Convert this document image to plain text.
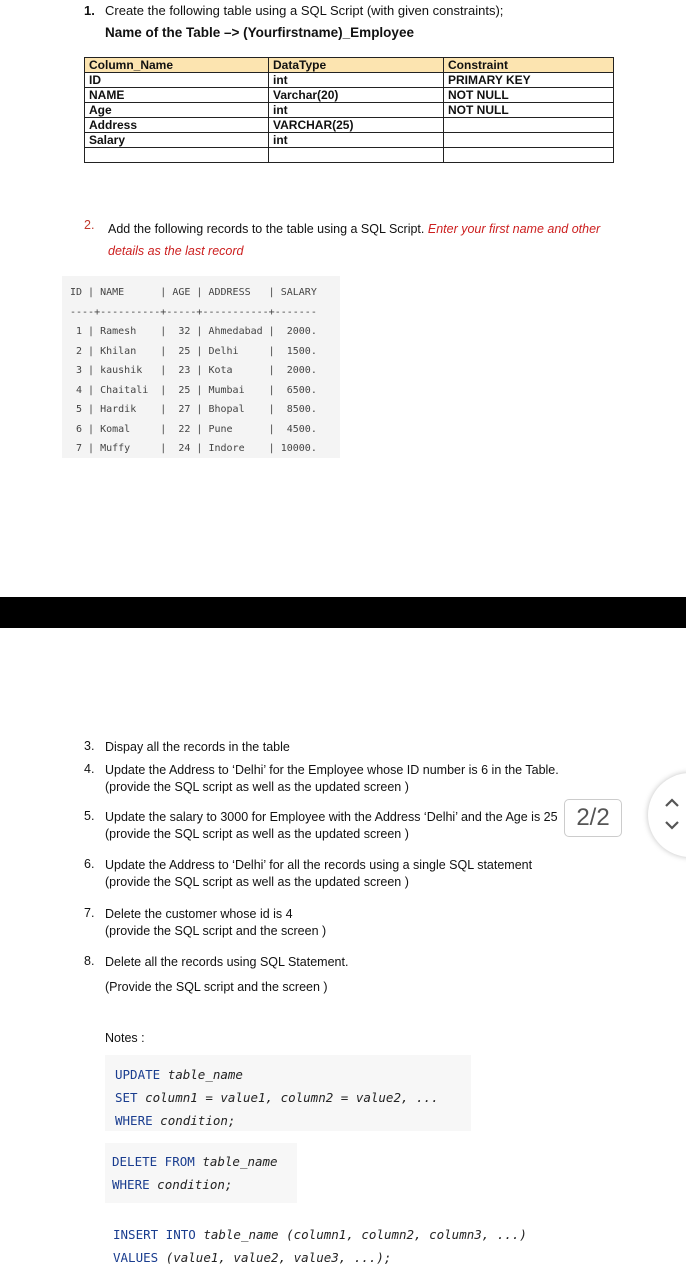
1. Create the following table using a SQL Script (with given constraints);
Name of the Table –> (Yourfirstname)_Employee
Column_Name	DataType	Constraint
ID	int	PRIMARY KEY
NAME	Varchar(20)	NOT NULL
Age	int	NOT NULL
Address	VARCHAR(25)	
Salary	int	

2. Add the following records to the table using a SQL Script. Enter your first name and other details as the last record
ID | NAME      | AGE | ADDRESS   | SALARY
----+----------+-----+-----------+-------
1 | Ramesh    |  32 | Ahmedabad |  2000.
2 | Khilan    |  25 | Delhi     |  1500.
3 | kaushik   |  23 | Kota      |  2000.
4 | Chaitali  |  25 | Mumbai    |  6500.
5 | Hardik    |  27 | Bhopal    |  8500.
6 | Komal     |  22 | Pune      |  4500.
7 | Muffy     |  24 | Indore    | 10000.
3. Dispay all the records in the table
4. Update the Address to ‘Delhi’ for the Employee whose ID number is 6 in the Table.
(provide the SQL script as well as the updated screen )
5. Update the salary to 3000 for Employee with the Address ‘Delhi’ and the Age is 25
(provide the SQL script as well as the updated screen )
6. Update the Address to ‘Delhi’ for all the records using a single SQL statement
(provide the SQL script as well as the updated screen )
7. Delete the customer whose id is 4
(provide the SQL script and the screen )
8. Delete all the records using SQL Statement.
(Provide the SQL script and the screen )
2/2
Notes :
UPDATE table_name
SET column1 = value1, column2 = value2, ...
WHERE condition;
DELETE FROM table_name
WHERE condition;
INSERT INTO table_name (column1, column2, column3, ...)
VALUES (value1, value2, value3, ...);
